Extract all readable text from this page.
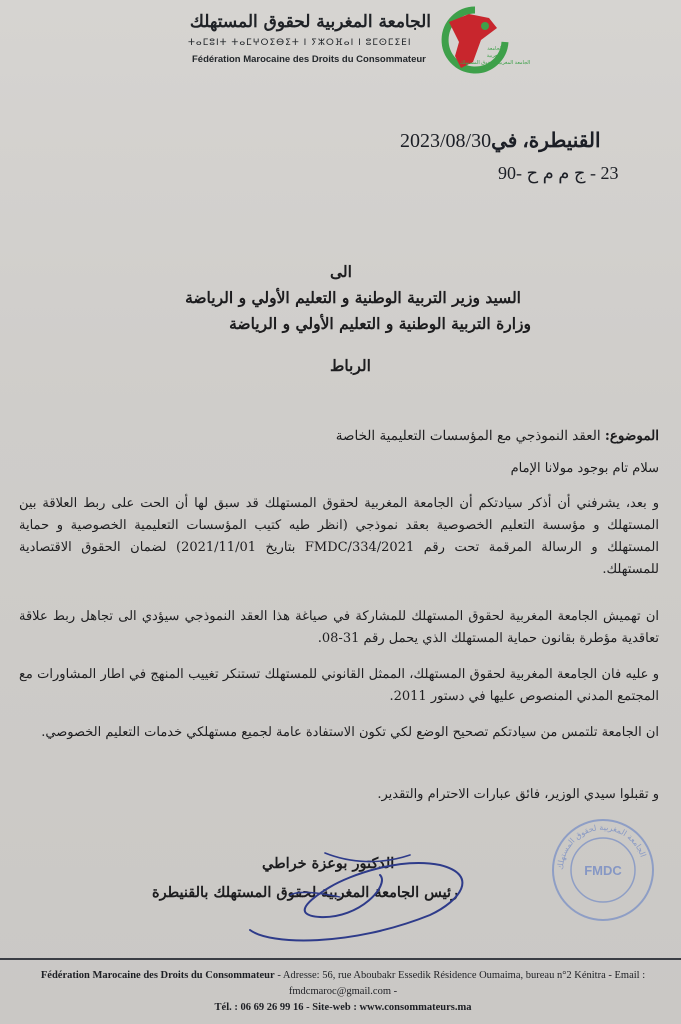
الجامعة
المغربية
الجامعة المغربية لحقوق المستهلك
الجامعة المغربية لحقوق المستهلك
ⵜⴰⵎⵓⵏⵜ ⵜⴰⵎⵖⵔⵉⴱⵉⵜ ⵏ ⵢⵣⵔⴼⴰⵏ ⵏ ⵓⵎⵙⵎⵉⴹⵏ
Fédération Marocaine des Droits du Consommateur
2023/08/30القنيطرة، في
23 - ج م م ح -90
الى
السيد وزير التربية الوطنية و التعليم الأولي و الرياضة
وزارة التربية الوطنية و التعليم الأولي و الرياضة
الرباط
الموضوع: العقد النموذجي مع المؤسسات التعليمية الخاصة
سلام تام بوجود مولانا الإمام
و بعد، يشرفني أن أذكر سيادتكم أن الجامعة المغربية لحقوق المستهلك قد سبق لها أن الحت على ربط العلاقة بين المستهلك و مؤسسة التعليم الخصوصية بعقد نموذجي (انظر طيه كتيب المؤسسات التعليمية الخصوصية و حماية المستهلك و الرسالة المرقمة تحت رقم 2021/FMDC/334 بتاريخ 2021/11/01) لضمان الحقوق الاقتصادية للمستهلك.
ان تهميش الجامعة المغربية لحقوق المستهلك للمشاركة في صياغة هذا العقد النموذجي سيؤدي الى تجاهل ربط علاقة تعاقدية مؤطرة بقانون حماية المستهلك الذي يحمل رقم 31-08.
و عليه فان الجامعة المغربية لحقوق المستهلك، الممثل القانوني للمستهلك تستنكر تغييب المنهج في اطار المشاورات مع المجتمع المدني المنصوص عليها في دستور 2011.
ان الجامعة تلتمس من سيادتكم تصحيح الوضع لكي تكون الاستفادة عامة لجميع مستهلكي خدمات التعليم الخصوصي.
و تقبلوا سيدي الوزير، فائق عبارات الاحترام والتقدير.
الجامعة المغربية لحقوق المستهلك
FMDC
الدكتور بوعزة خراطي
رئيس الجامعة المغربية لحقوق المستهلك بالقنيطرة
Fédération Marocaine des Droits du Consommateur - Adresse: 56, rue Aboubakr Essedik Résidence Oumaima, bureau n°2 Kénitra - Email : fmdcmaroc@gmail.com -
Tél. : 06 69 26 99 16 - Site-web : www.consommateurs.ma
